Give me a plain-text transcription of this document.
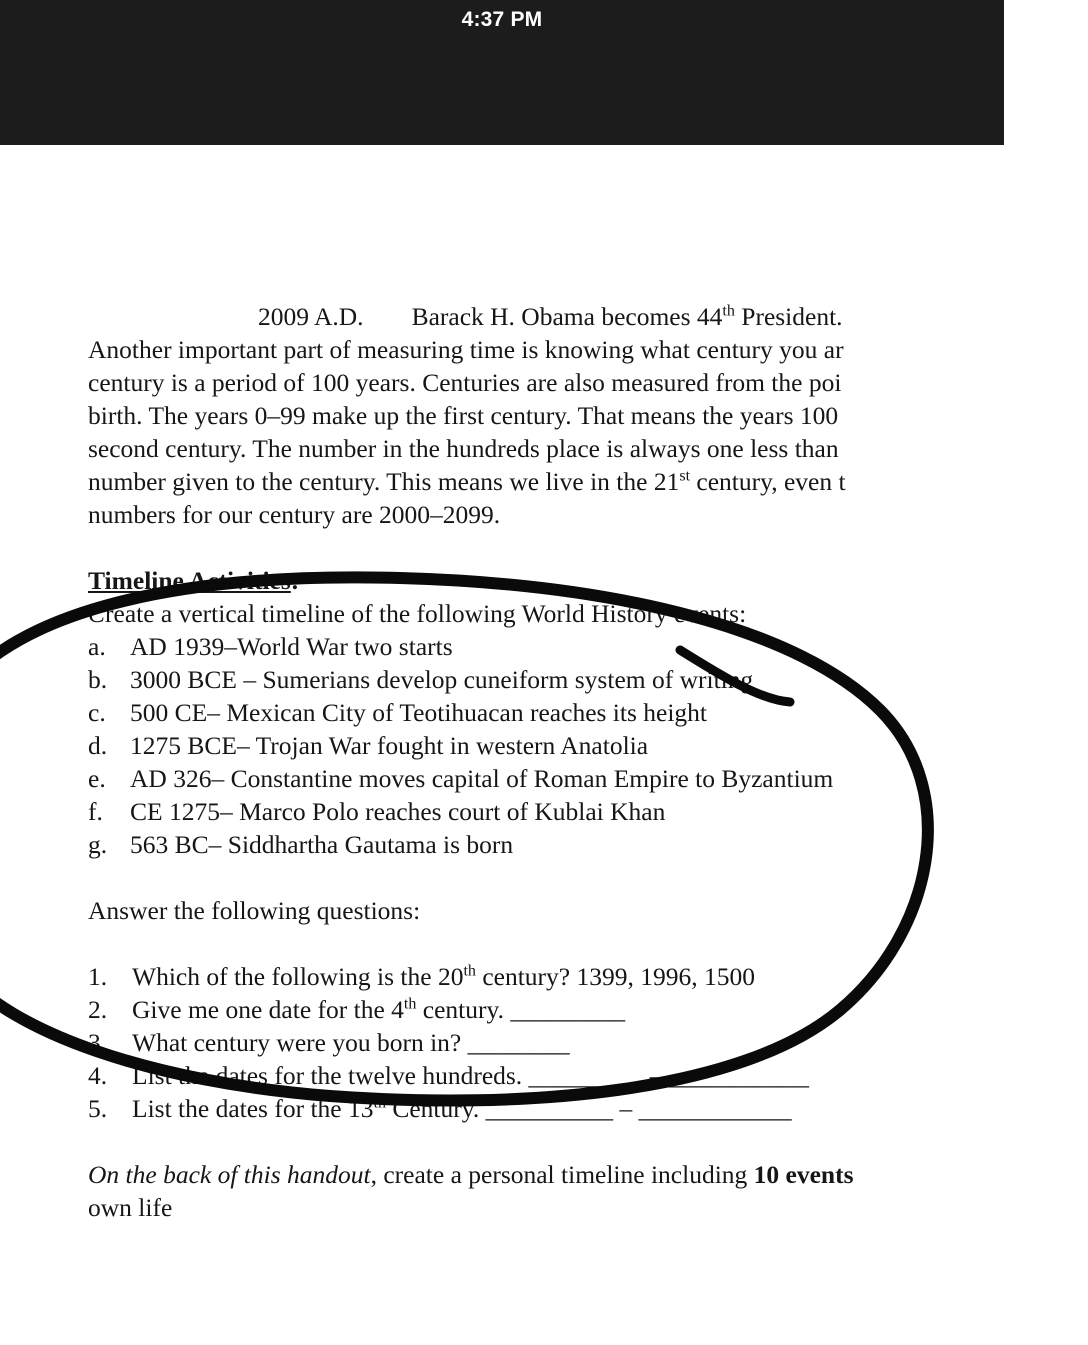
4:37 PM
2009 A.D. Barack H. Obama becomes 44th President.
Another important part of measuring time is knowing what century you ar
century is a period of 100 years. Centuries are also measured from the poi
birth. The years 0–99 make up the first century. That means the years 100
second century. The number in the hundreds place is always one less than
number given to the century. This means we live in the 21st century, even t
numbers for our century are 2000–2099.
Timeline Activities:
Create a vertical timeline of the following World History events:
a. AD 1939–World War two starts
b. 3000 BCE – Sumerians develop cuneiform system of writing
c. 500 CE– Mexican City of Teotihuacan reaches its height
d. 1275 BCE– Trojan War fought in western Anatolia
e. AD 326– Constantine moves capital of Roman Empire to Byzantium
f. CE 1275– Marco Polo reaches court of Kublai Khan
g. 563 BC– Siddhartha Gautama is born
Answer the following questions:
1. Which of the following is the 20th century? 1399, 1996, 1500
2. Give me one date for the 4th century. _________
3. What century were you born in? ________
4. List the dates for the twelve hundreds. _________ – ___________
5. List the dates for the 13th Century. __________ – ____________
On the back of this handout, create a personal timeline including 10 events
own life
